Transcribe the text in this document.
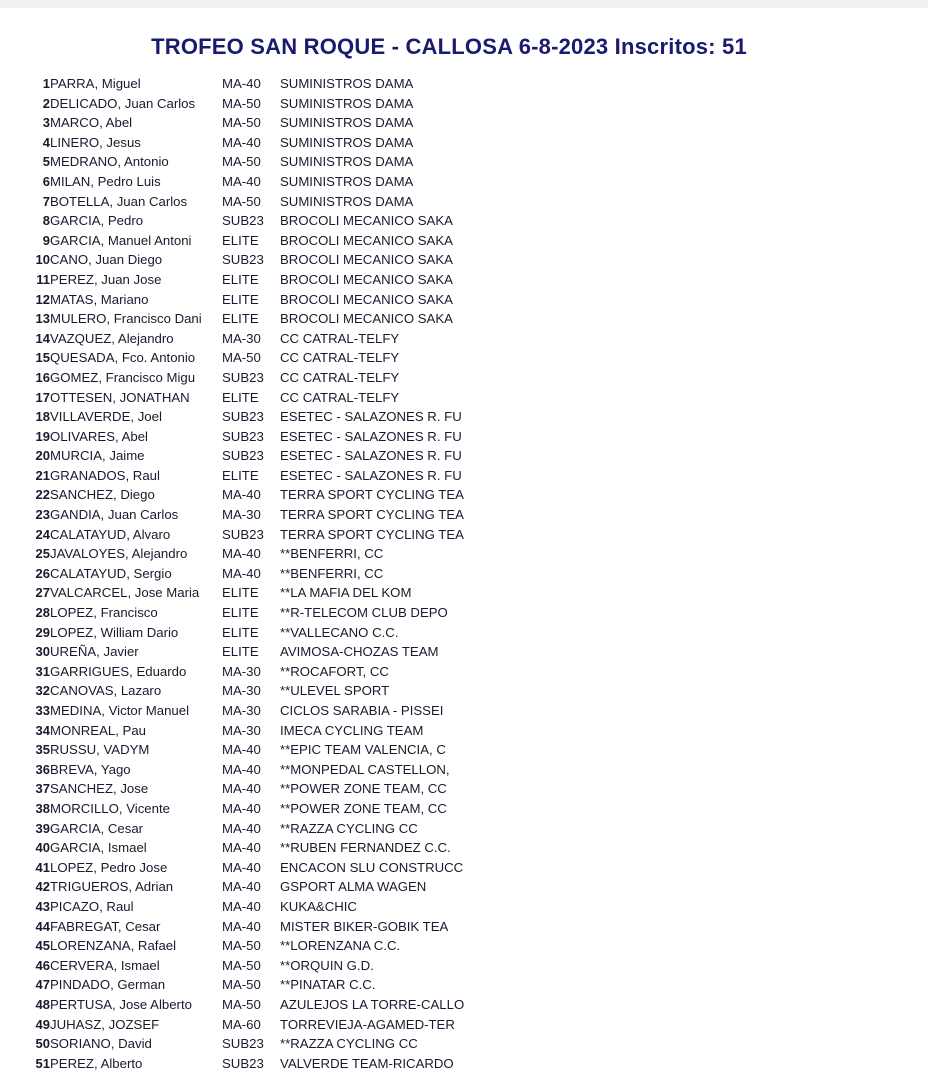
TROFEO SAN ROQUE - CALLOSA 6-8-2023 Inscritos: 51
1	PARRA, Miguel	MA-40	SUMINISTROS DAMA
2	DELICADO, Juan Carlos	MA-50	SUMINISTROS DAMA
3	MARCO, Abel	MA-50	SUMINISTROS DAMA
4	LINERO, Jesus	MA-40	SUMINISTROS DAMA
5	MEDRANO, Antonio	MA-50	SUMINISTROS DAMA
6	MILAN, Pedro Luis	MA-40	SUMINISTROS DAMA
7	BOTELLA, Juan Carlos	MA-50	SUMINISTROS DAMA
8	GARCIA, Pedro	SUB23	BROCOLI MECANICO SAKA
9	GARCIA, Manuel Antoni	ELITE	BROCOLI MECANICO SAKA
10	CANO, Juan Diego	SUB23	BROCOLI MECANICO SAKA
11	PEREZ, Juan Jose	ELITE	BROCOLI MECANICO SAKA
12	MATAS, Mariano	ELITE	BROCOLI MECANICO SAKA
13	MULERO, Francisco Dani	ELITE	BROCOLI MECANICO SAKA
14	VAZQUEZ, Alejandro	MA-30	CC CATRAL-TELFY
15	QUESADA, Fco. Antonio	MA-50	CC CATRAL-TELFY
16	GOMEZ, Francisco Migu	SUB23	CC CATRAL-TELFY
17	OTTESEN, JONATHAN	ELITE	CC CATRAL-TELFY
18	VILLAVERDE, Joel	SUB23	ESETEC - SALAZONES R. FU
19	OLIVARES, Abel	SUB23	ESETEC - SALAZONES R. FU
20	MURCIA, Jaime	SUB23	ESETEC - SALAZONES R. FU
21	GRANADOS, Raul	ELITE	ESETEC - SALAZONES R. FU
22	SANCHEZ, Diego	MA-40	TERRA SPORT CYCLING TEA
23	GANDIA, Juan Carlos	MA-30	TERRA SPORT CYCLING TEA
24	CALATAYUD, Alvaro	SUB23	TERRA SPORT CYCLING TEA
25	JAVALOYES, Alejandro	MA-40	**BENFERRI, CC
26	CALATAYUD, Sergio	MA-40	**BENFERRI, CC
27	VALCARCEL, Jose Maria	ELITE	**LA MAFIA DEL KOM
28	LOPEZ, Francisco	ELITE	**R-TELECOM CLUB DEPO
29	LOPEZ, William Dario	ELITE	**VALLECANO C.C.
30	UREÑA, Javier	ELITE	AVIMOSA-CHOZAS TEAM
31	GARRIGUES, Eduardo	MA-30	**ROCAFORT, CC
32	CANOVAS, Lazaro	MA-30	**ULEVEL SPORT
33	MEDINA, Victor Manuel	MA-30	CICLOS SARABIA - PISSEI
34	MONREAL, Pau	MA-30	IMECA CYCLING TEAM
35	RUSSU, VADYM	MA-40	**EPIC TEAM VALENCIA, C
36	BREVA, Yago	MA-40	**MONPEDAL CASTELLON,
37	SANCHEZ, Jose	MA-40	**POWER ZONE TEAM, CC
38	MORCILLO, Vicente	MA-40	**POWER ZONE TEAM, CC
39	GARCIA, Cesar	MA-40	**RAZZA CYCLING CC
40	GARCIA, Ismael	MA-40	**RUBEN FERNANDEZ C.C.
41	LOPEZ, Pedro Jose	MA-40	ENCACON SLU CONSTRUCC
42	TRIGUEROS, Adrian	MA-40	GSPORT ALMA WAGEN
43	PICAZO, Raul	MA-40	KUKA&CHIC
44	FABREGAT, Cesar	MA-40	MISTER BIKER-GOBIK TEA
45	LORENZANA, Rafael	MA-50	**LORENZANA C.C.
46	CERVERA, Ismael	MA-50	**ORQUIN G.D.
47	PINDADO, German	MA-50	**PINATAR C.C.
48	PERTUSA, Jose Alberto	MA-50	AZULEJOS LA TORRE-CALLO
49	JUHASZ, JOZSEF	MA-60	TORREVIEJA-AGAMED-TER
50	SORIANO, David	SUB23	**RAZZA CYCLING CC
51	PEREZ, Alberto	SUB23	VALVERDE TEAM-RICARDO
